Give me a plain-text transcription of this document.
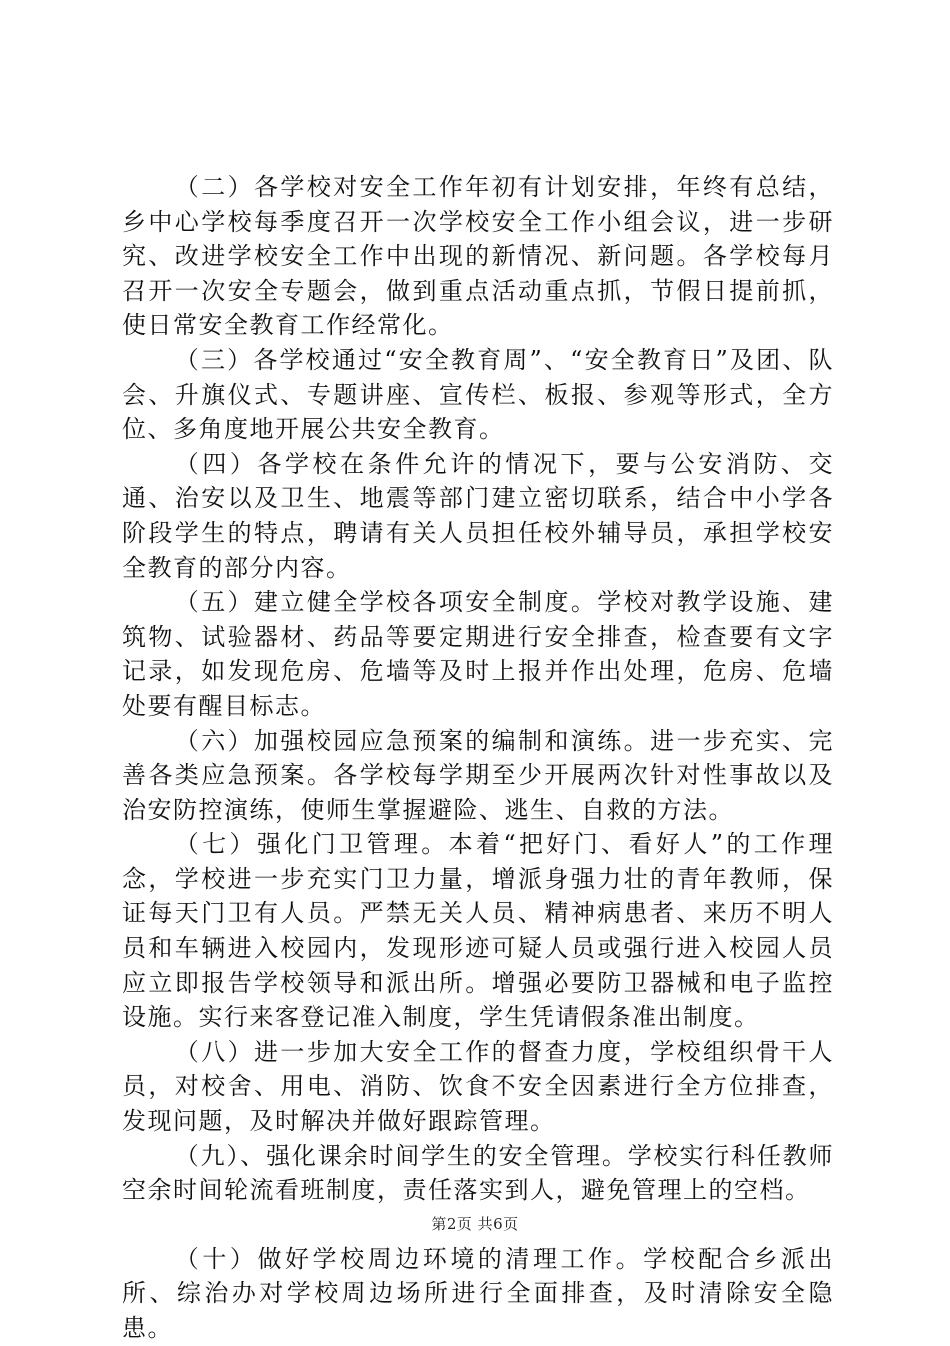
（二）各学校对安全工作年初有计划安排，年终有总结，乡中心学校每季度召开一次学校安全工作小组会议，进一步研究、改进学校安全工作中出现的新情况、新问题。各学校每月召开一次安全专题会，做到重点活动重点抓，节假日提前抓，使日常安全教育工作经常化。

（三）各学校通过“安全教育周”、“安全教育日”及团、队会、升旗仪式、专题讲座、宣传栏、板报、参观等形式，全方位、多角度地开展公共安全教育。

（四）各学校在条件允许的情况下，要与公安消防、交通、治安以及卫生、地震等部门建立密切联系，结合中小学各阶段学生的特点，聘请有关人员担任校外辅导员，承担学校安全教育的部分内容。

（五）建立健全学校各项安全制度。学校对教学设施、建筑物、试验器材、药品等要定期进行安全排查，检查要有文字记录，如发现危房、危墙等及时上报并作出处理，危房、危墙处要有醒目标志。

（六）加强校园应急预案的编制和演练。进一步充实、完善各类应急预案。各学校每学期至少开展两次针对性事故以及治安防控演练，使师生掌握避险、逃生、自救的方法。

（七）强化门卫管理。本着“把好门、看好人”的工作理念，学校进一步充实门卫力量，增派身强力壮的青年教师，保证每天门卫有人员。严禁无关人员、精神病患者、来历不明人员和车辆进入校园内，发现形迹可疑人员或强行进入校园人员应立即报告学校领导和派出所。增强必要防卫器械和电子监控设施。实行来客登记准入制度，学生凭请假条准出制度。

（八）进一步加大安全工作的督查力度，学校组织骨干人员，对校舍、用电、消防、饮食不安全因素进行全方位排查，发现问题，及时解决并做好跟踪管理。

（九）、强化课余时间学生的安全管理。学校实行科任教师空余时间轮流看班制度，责任落实到人，避免管理上的空档。

（十）做好学校周边环境的清理工作。学校配合乡派出所、综治办对学校周边场所进行全面排查，及时清除安全隐患。

第2页 共6页
